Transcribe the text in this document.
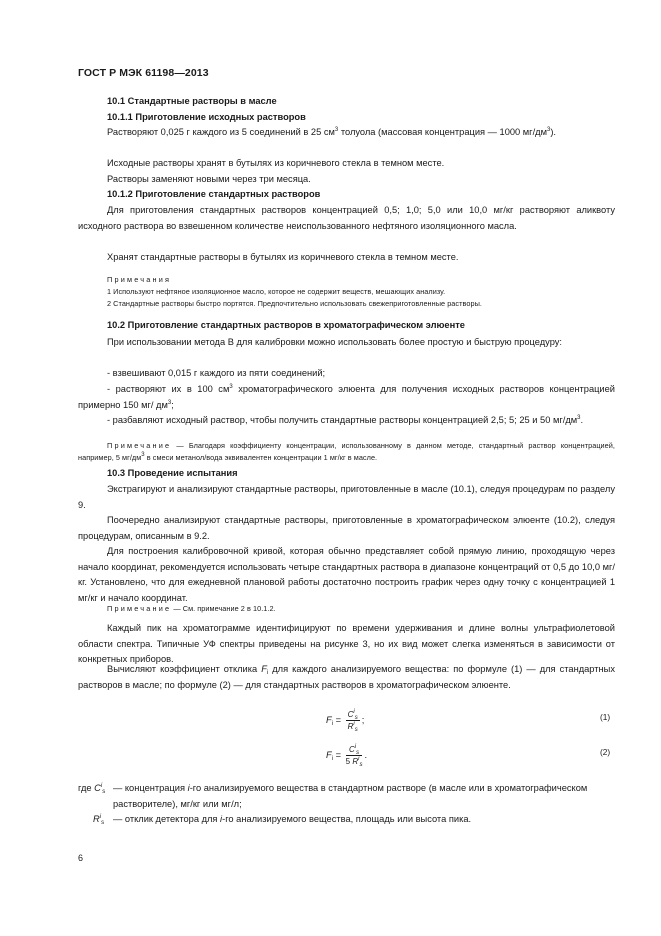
ГОСТ Р МЭК 61198—2013
10.1 Стандартные растворы в масле
10.1.1 Приготовление исходных растворов
Растворяют 0,025 г каждого из 5 соединений в 25 $см^3$ толуола (массовая концентрация — 1000 $мг/дм^3$).
Исходные растворы хранят в бутылях из коричневого стекла в темном месте.
Растворы заменяют новыми через три месяца.
10.1.2 Приготовление стандартных растворов
Для приготовления стандартных растворов концентрацией 0,5; 1,0; 5,0 или 10,0 мг/кг растворяют аликвоту исходного раствора во взвешенном количестве неиспользованного нефтяного изоляционного масла.
Хранят стандартные растворы в бутылях из коричневого стекла в темном месте.
Примечания
1 Используют нефтяное изоляционное масло, которое не содержит веществ, мешающих анализу.
2 Стандартные растворы быстро портятся. Предпочтительно использовать свежеприготовленные растворы.
10.2 Приготовление стандартных растворов в хроматографическом элюенте
При использовании метода В для калибровки можно использовать более простую и быструю процедуру:
- взвешивают 0,015 г каждого из пяти соединений;
- растворяют их в 100 $см^3$ хроматографического элюента для получения исходных растворов концентрацией примерно 150 мг/ $дм^3$;
- разбавляют исходный раствор, чтобы получить стандартные растворы концентрацией 2,5; 5; 25 и 50 $мг/дм^3$.
Примечание — Благодаря коэффициенту концентрации, использованному в данном методе, стандартный раствор концентрацией, например, 5 $мг/дм^3$ в смеси метанол/вода эквивалентен концентрации 1 мг/кг в масле.
10.3 Проведение испытания
Экстрагируют и анализируют стандартные растворы, приготовленные в масле (10.1), следуя процедурам по разделу 9.
Поочередно анализируют стандартные растворы, приготовленные в хроматографическом элюенте (10.2), следуя процедурам, описанным в 9.2.
Для построения калибровочной кривой, которая обычно представляет собой прямую линию, проходящую через начало координат, рекомендуется использовать четыре стандартных раствора в диапазоне концентраций от 0,5 до 10,0 мг/кг. Установлено, что для ежедневной плановой работы достаточно построить график через одну точку с концентрацией 1 мг/кг и начало координат.
Примечание — См. примечание 2 в 10.1.2.
Каждый пик на хроматограмме идентифицируют по времени удерживания и длине волны ультрафиолетовой области спектра. Типичные УФ спектры приведены на рисунке 3, но их вид может слегка изменяться в зависимости от конкретных приборов.
Вычисляют коэффициент отклика $F_i$ для каждого анализируемого вещества: по формуле (1) — для стандартных растворов в масле; по формуле (2) — для стандартных растворов в хроматографическом элюенте.
$F_i = \frac{C^i_s}{R^i_s}$ ;	(1)
$F_i = \frac{C^i_s}{5 R^i_s}$ .	(2)
где $C^i_s$ — концентрация i-го анализируемого вещества в стандартном растворе (в масле или в хроматографическом растворителе), мг/кг или мг/л;
$R^i_s$ — отклик детектора для i-го анализируемого вещества, площадь или высота пика.
6
